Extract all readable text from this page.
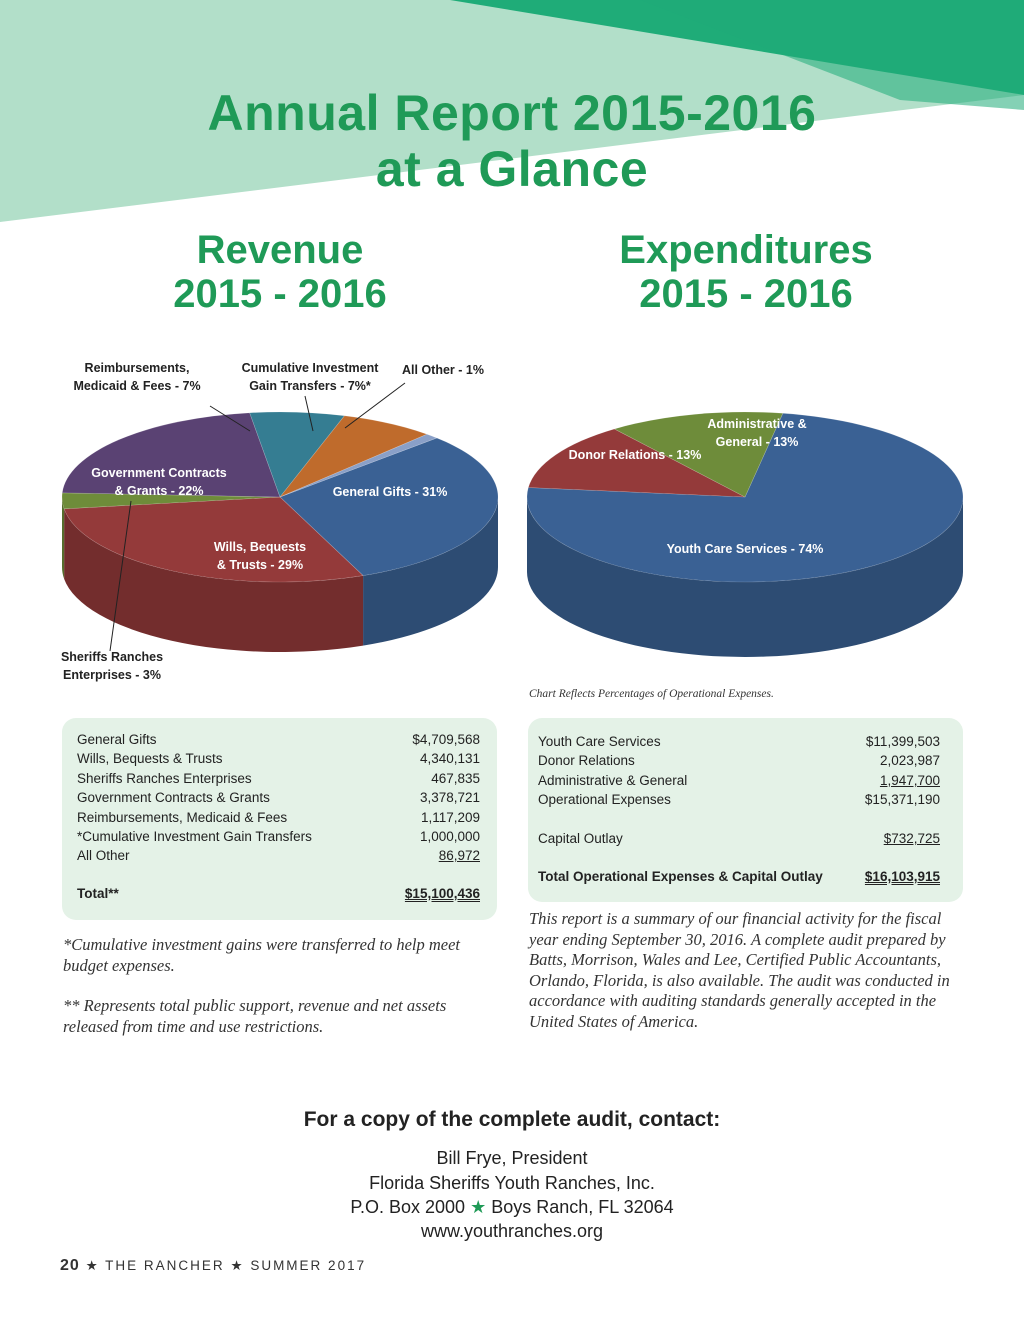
Annual Report 2015-2016
at a Glance
Revenue
2015 - 2016
Expenditures
2015 - 2016
General Gifts - 31%
Wills, Bequests & Trusts - 29%
Sheriffs Ranches Enterprises - 3%
Government Contracts & Grants - 22%
Reimbursements, Medicaid & Fees - 7%
Cumulative Investment Gain Transfers - 7%*
All Other - 1%
Youth Care Services - 74%
Donor Relations - 13%
Administrative & General - 13%
Chart Reflects Percentages of Operational Expenses.
*Cumulative investment gains were transferred to help meet budget expenses.
** Represents total public support, revenue and net assets released from time and use restrictions.
This report is a summary of our financial activity for the fiscal year ending September 30, 2016. A complete audit prepared by Batts, Morrison, Wales and Lee, Certified Public Accountants, Orlando, Florida, is also available. The audit was conducted in accordance with auditing standards generally accepted in the United States of America.
For a copy of the complete audit, contact:
Bill Frye, President
Florida Sheriffs Youth Ranches, Inc.
P.O. Box 2000 ★ Boys Ranch, FL 32064
www.youthranches.org
20 ★ THE RANCHER ★ SUMMER 2017
General Gifts	$4,709,568
Wills, Bequests & Trusts	4,340,131
Sheriffs Ranches Enterprises	467,835
Government Contracts & Grants	3,378,721
Reimbursements, Medicaid & Fees	1,117,209
*Cumulative Investment Gain Transfers	1,000,000
All Other	86,972
Total**	$15,100,436
Youth Care Services	$11,399,503
Donor Relations	2,023,987
Administrative & General	1,947,700
Operational Expenses	$15,371,190
Capital Outlay	$732,725
Total Operational Expenses & Capital Outlay	$16,103,915
